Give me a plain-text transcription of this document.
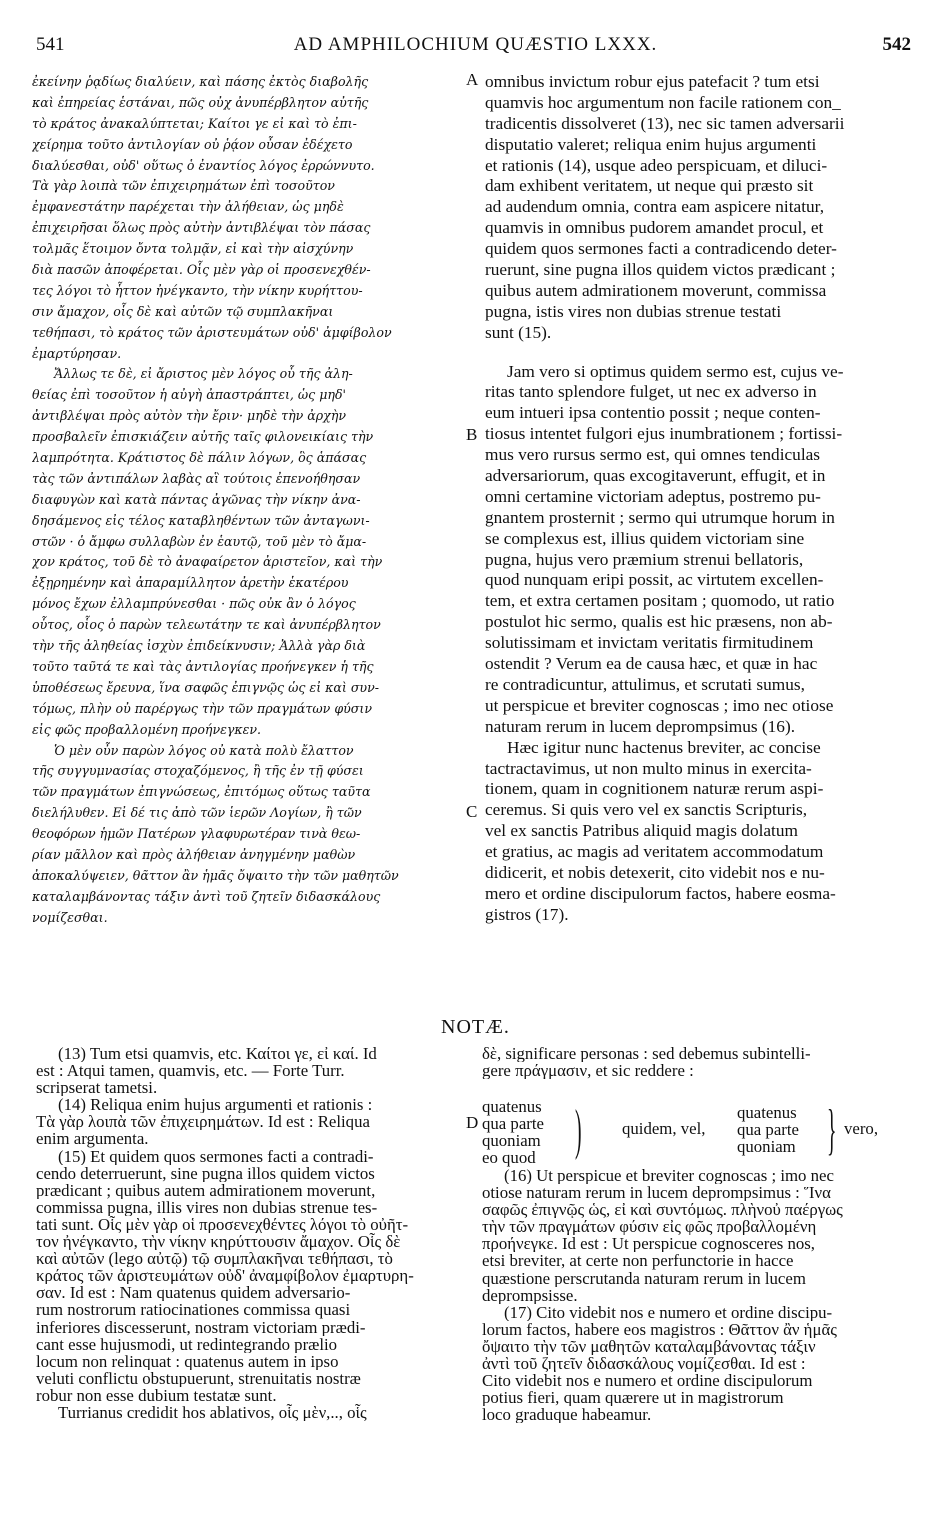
541	AD AMPHILOCHIUM QUÆSTIO LXXX.	542
ἐκείνην ῥᾳδίως διαλύειν, καὶ πάσης ἐκτὸς διαβολῆς
καὶ ἐπηρείας ἑστάναι, πῶς οὐχ ἀνυπέρβλητον αὐτῆς
τὸ κράτος ἀνακαλύπτεται; Καίτοι γε εἰ καὶ τὸ ἐπι-
χείρημα τοῦτο ἀντιλογίαν οὐ ῥᾴον οὖσαν ἐδέχετο
διαλύεσθαι, οὐδ' οὕτως ὁ ἐναντίος λόγος ἐρρώννυτο.
Τὰ γὰρ λοιπὰ τῶν ἐπιχειρημάτων ἐπὶ τοσοῦτον
ἐμφανεστάτην παρέχεται τὴν ἀλήθειαν, ὡς μηδὲ
ἐπιχειρῆσαι ὅλως πρὸς αὐτὴν ἀντιβλέψαι τὸν πάσας
τολμᾶς ἕτοιμον ὄντα τολμᾷν, εἰ καὶ τὴν αἰσχύνην
διὰ πασῶν ἀποφέρεται. Οἷς μὲν γὰρ οἱ προσενεχθέν-
τες λόγοι τὸ ἧττον ἠνέγκαντο, τὴν νίκην κυρήττου-
σιν ἄμαχον, οἷς δὲ καὶ αὐτῶν τῷ συμπλακῆναι
τεθήπασι, τὸ κράτος τῶν ἀριστευμάτων οὐδ' ἀμφίβολον
ἐμαρτύρησαν.
Ἄλλως τε δὲ, εἰ ἄριστος μὲν λόγος οὗ τῆς ἀλη-
θείας ἐπὶ τοσοῦτον ἡ αὐγὴ ἀπαστράπτει, ὡς μηδ'
ἀντιβλέψαι πρὸς αὐτὸν τὴν ἔριν· μηδὲ τὴν ἀρχὴν
προσβαλεῖν ἐπισκιάζειν αὐτῆς ταῖς φιλονεικίαις τὴν
λαμπρότητα. Κράτιστος δὲ πάλιν λόγων, ὃς ἁπάσας
τὰς τῶν ἀντιπάλων λαβὰς αἳ τούτοις ἐπενοήθησαν
διαφυγὼν καὶ κατὰ πάντας ἀγῶνας τὴν νίκην ἀνα-
δησάμενος εἰς τέλος καταβληθέντων τῶν ἀνταγωνι-
στῶν · ὁ ἄμφω συλλαβὼν ἐν ἑαυτῷ, τοῦ μὲν τὸ ἄμα-
χον κράτος, τοῦ δὲ τὸ ἀναφαίρετον ἀριστεῖον, καὶ τὴν
ἐξῃρημένην καὶ ἀπαραμίλλητον ἀρετὴν ἑκατέρου
μόνος ἔχων ἐλλαμπρύνεσθαι · πῶς οὐκ ἂν ὁ λόγος
οὗτος, οἷος ὁ παρὼν τελεωτάτην τε καὶ ἀνυπέρβλητον
τὴν τῆς ἀληθείας ἰσχὺν ἐπιδείκνυσιν; Ἀλλὰ γὰρ διὰ
τοῦτο ταῦτά τε καὶ τὰς ἀντιλογίας προήνεγκεν ἡ τῆς
ὑποθέσεως ἔρευνα, ἵνα σαφῶς ἐπιγνῷς ὡς εἰ καὶ συν-
τόμως, πλὴν οὐ παρέργως τὴν τῶν πραγμάτων φύσιν
εἰς φῶς προβαλλομένη προήνεγκεν.
Ὁ μὲν οὖν παρὼν λόγος οὐ κατὰ πολὺ ἔλαττον
τῆς συγγυμνασίας στοχαζόμενος, ἢ τῆς ἐν τῇ φύσει
τῶν πραγμάτων ἐπιγνώσεως, ἐπιτόμως οὕτως ταῦτα
διελήλυθεν. Εἰ δέ τις ἀπὸ τῶν ἱερῶν Λογίων, ἢ τῶν
θεοφόρων ἡμῶν Πατέρων γλαφυρωτέραν τινὰ θεω-
ρίαν μᾶλλον καὶ πρὸς ἀλήθειαν ἀνηγμένην μαθὼν
ἀποκαλύψειεν, θᾶττον ἂν ἡμᾶς ὄψαιτο τὴν τῶν μαθητῶν
καταλαμβάνοντας τάξιν ἀντὶ τοῦ ζητεῖν διδασκάλους
νομίζεσθαι.
omnibus invictum robur ejus patefacit ? tum etsi
quamvis hoc argumentum non facile rationem con_
tradicentis dissolveret (13), nec sic tamen adversarii
disputatio valeret; reliqua enim hujus argumenti
et rationis (14), usque adeo perspicuam, et diluci-
dam exhibent veritatem, ut neque qui præsto sit
ad audendum omnia, contra eam aspicere nitatur,
quamvis in omnibus pudorem amandet procul, et
quidem quos sermones facti a contradicendo deter-
ruerunt, sine pugna illos quidem victos prædicant ;
quibus autem admirationem moverunt, commissa
pugna, istis vires non dubias strenue testati
sunt (15).
Jam vero si optimus quidem sermo est, cujus ve-
ritas tanto splendore fulget, ut nec ex adverso in
eum intueri ipsa contentio possit ; neque conten-
tiosus intentet fulgori ejus inumbrationem ; fortissi-
mus vero rursus sermo est, qui omnes tendiculas
adversariorum, quas excogitaverunt, effugit, et in
omni certamine victoriam adeptus, postremo pu-
gnantem prosternit ; sermo qui utrumque horum in
se complexus est, illius quidem victoriam sine
pugna, hujus vero præmium strenui bellatoris,
quod nunquam eripi possit, ac virtutem excellen-
tem, et extra certamen positam ; quomodo, ut ratio
postulot hic sermo, qualis est hic præsens, non ab-
solutissimam et invictam veritatis firmitudinem
ostendit ? Verum ea de causa hæc, et quæ in hac
re contradicuntur, attulimus, et scrutati sumus,
ut perspicue et breviter cognoscas ; imo nec otiose
naturam rerum in lucem deprompsimus (16).
Hæc igitur nunc hactenus breviter, ac concise
tactractavimus, ut non multo minus in exercita-
tionem, quam in cognitionem naturæ rerum aspi-
ceremus. Si quis vero vel ex sanctis Scripturis,
vel ex sanctis Patribus aliquid magis dolatum
et gratius, ac magis ad veritatem accommodatum
didicerit, et nobis detexerit, cito videbit nos e nu-
mero et ordine discipulorum factos, habere eosma-
gistros (17).
A
B
C
D
NOTÆ.
(13) Tum etsi quamvis, etc. Καίτοι γε, εἰ καί. Id
est : Atqui tamen, quamvis, etc. — Forte Turr.
scripserat tametsi.
(14) Reliqua enim hujus argumenti et rationis :
Τὰ γὰρ λοιπὰ τῶν ἐπιχειρημάτων. Id est : Reliqua
enim argumenta.
(15) Et quidem quos sermones facti a contradi-
cendo deterruerunt, sine pugna illos quidem victos
prædicant ; quibus autem admirationem moverunt,
commissa pugna, illis vires non dubias strenue tes-
tati sunt. Οἷς μὲν γὰρ οἱ προσενεχθέντες λόγοι τὸ οὐῆτ-
τον ἠνέγκαντο, τὴν νίκην κηρύττουσιν ἄμαχον. Οἷς δὲ
καὶ αὐτῶν (lego αὐτῷ) τῷ συμπλακῆναι τεθήπασι, τὸ
κράτος τῶν ἀριστευμάτων οὐδ' ἀναμφίβολον ἐμαρτυρη-
σαν. Id est : Nam quatenus quidem adversario-
rum nostrorum ratiocinationes commissa quasi
inferiores discesserunt, nostram victoriam prædi-
cant esse hujusmodi, ut redintegrando prælio
locum non relinquat : quatenus autem in ipso
veluti conflictu obstupuerunt, strenuitatis nostræ
robur non esse dubium testatæ sunt.
Turrianus credidit hos ablativos, οἷς μὲν,.., οἷς
δὲ, significare personas : sed debemus subintelli-
gere πράγμασιν, et sic reddere :
quatenus
qua parte
quoniam
eo quod ) quidem, vel,
quatenus
qua parte
quoniam } vero,
(16) Ut perspicue et breviter cognoscas ; imo nec
otiose naturam rerum in lucem deprompsimus : Ἵνα
σαφῶς ἐπιγνῷς ὡς, εἰ καὶ συντόμως. πλὴνοὐ παέργως
τὴν τῶν πραγμάτων φύσιν εἰς φῶς προβαλλομένη
προήνεγκε. Id est : Ut perspicue cognosceres nos,
etsi breviter, at certe non perfunctorie in hacce
quæstione perscrutanda naturam rerum in lucem
deprompsisse.
(17) Cito videbit nos e numero et ordine discipu-
lorum factos, habere eos magistros : Θᾶττον ἂν ἡμᾶς
ὄψαιτο τὴν τῶν μαθητῶν καταλαμβάνοντας τάξιν
ἀντὶ τοῦ ζητεῖν διδασκάλους νομίζεσθαι. Id est :
Cito videbit nos e numero et ordine discipulorum
potius fieri, quam quærere ut in magistrorum
loco graduque habeamur.
